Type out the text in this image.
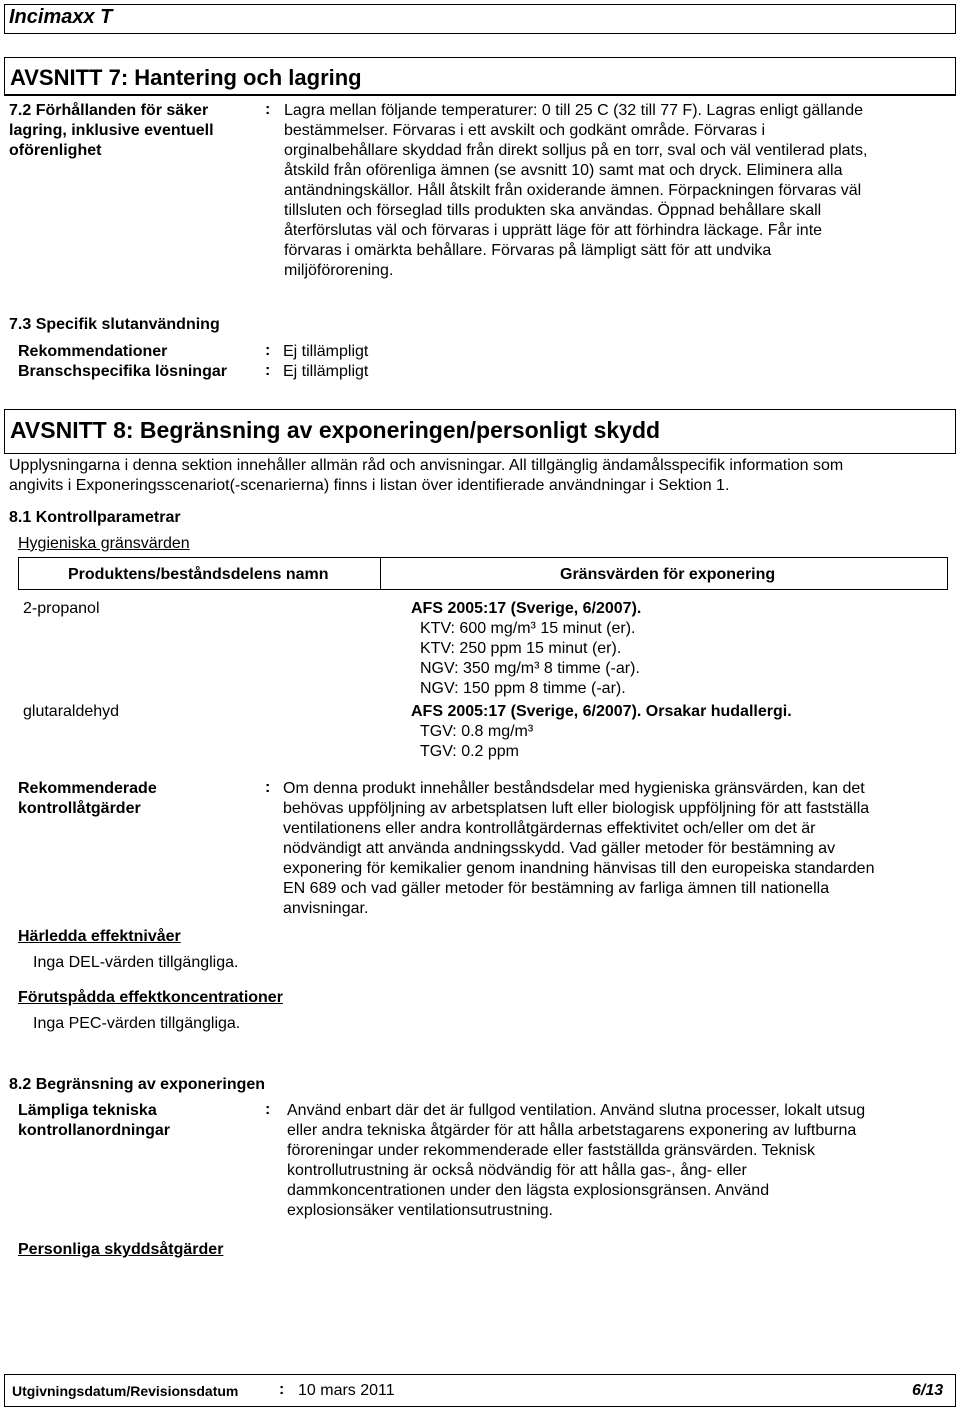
Incimaxx T
AVSNITT 7: Hantering och lagring
7.2 Förhållanden för säker lagring, inklusive eventuell oförenlighet
: Lagra mellan följande temperaturer: 0 till 25 C (32 till 77 F). Lagras enligt gällande
bestämmelser. Förvaras i ett avskilt och godkänt område. Förvaras i
orginalbehållare skyddad från direkt solljus på en torr, sval och väl ventilerad plats,
åtskild från oförenliga ämnen (se avsnitt 10) samt mat och dryck. Eliminera alla
antändningskällor. Håll åtskilt från oxiderande ämnen. Förpackningen förvaras väl
tillsluten och förseglad tills produkten ska användas. Öppnad behållare skall
återförslutas väl och förvaras i upprätt läge för att förhindra läckage. Får inte
förvaras i omärkta behållare. Förvaras på lämpligt sätt för att undvika
miljöförorening.
7.3 Specifik slutanvändning
Rekommendationer	: Ej tillämpligt
Branschspecifika lösningar : Ej tillämpligt
AVSNITT 8: Begränsning av exponeringen/personligt skydd
Upplysningarna i denna sektion innehåller allmän råd och anvisningar. All tillgänglig ändamålsspecifik information som
angivits i Exponeringsscenariot(-scenarierna) finns i listan över identifierade användningar i Sektion 1.
8.1 Kontrollparametrar
Hygieniska gränsvärden
Produktens/beståndsdelens namn	Gränsvärden för exponering
2-propanol	AFS 2005:17 (Sverige, 6/2007).
KTV: 600 mg/m³ 15 minut (er).
KTV: 250 ppm 15 minut (er).
NGV: 350 mg/m³ 8 timme (-ar).
NGV: 150 ppm 8 timme (-ar).
glutaraldehyd	AFS 2005:17 (Sverige, 6/2007). Orsakar hudallergi.
TGV: 0.8 mg/m³
TGV: 0.2 ppm
Rekommenderade
kontrollåtgärder
: Om denna produkt innehåller beståndsdelar med hygieniska gränsvärden, kan det
behövas uppföljning av arbetsplatsen luft eller biologisk uppföljning för att fastställa
ventilationens eller andra kontrollåtgärdernas effektivitet och/eller om det är
nödvändigt att använda andningsskydd. Vad gäller metoder för bestämning av
exponering för kemikalier genom inandning hänvisas till den europeiska standarden
EN 689 och vad gäller metoder för bestämning av farliga ämnen till nationella
anvisningar.
Härledda effektnivåer
Inga DEL-värden tillgängliga.
Förutspådda effektkoncentrationer
Inga PEC-värden tillgängliga.
8.2 Begränsning av exponeringen
Lämpliga tekniska
kontrollanordningar
: Använd enbart där det är fullgod ventilation. Använd slutna processer, lokalt utsug
eller andra tekniska åtgärder för att hålla arbetstagarens exponering av luftburna
föroreningar under rekommenderade eller fastställda gränsvärden. Teknisk
kontrollutrustning är också nödvändig för att hålla gas-, ång- eller
dammkoncentrationen under den lägsta explosionsgränsen. Använd
explosionsäker ventilationsutrustning.
Personliga skyddsåtgärder
Utgivningsdatum/Revisionsdatum	: 10 mars 2011	6/13
